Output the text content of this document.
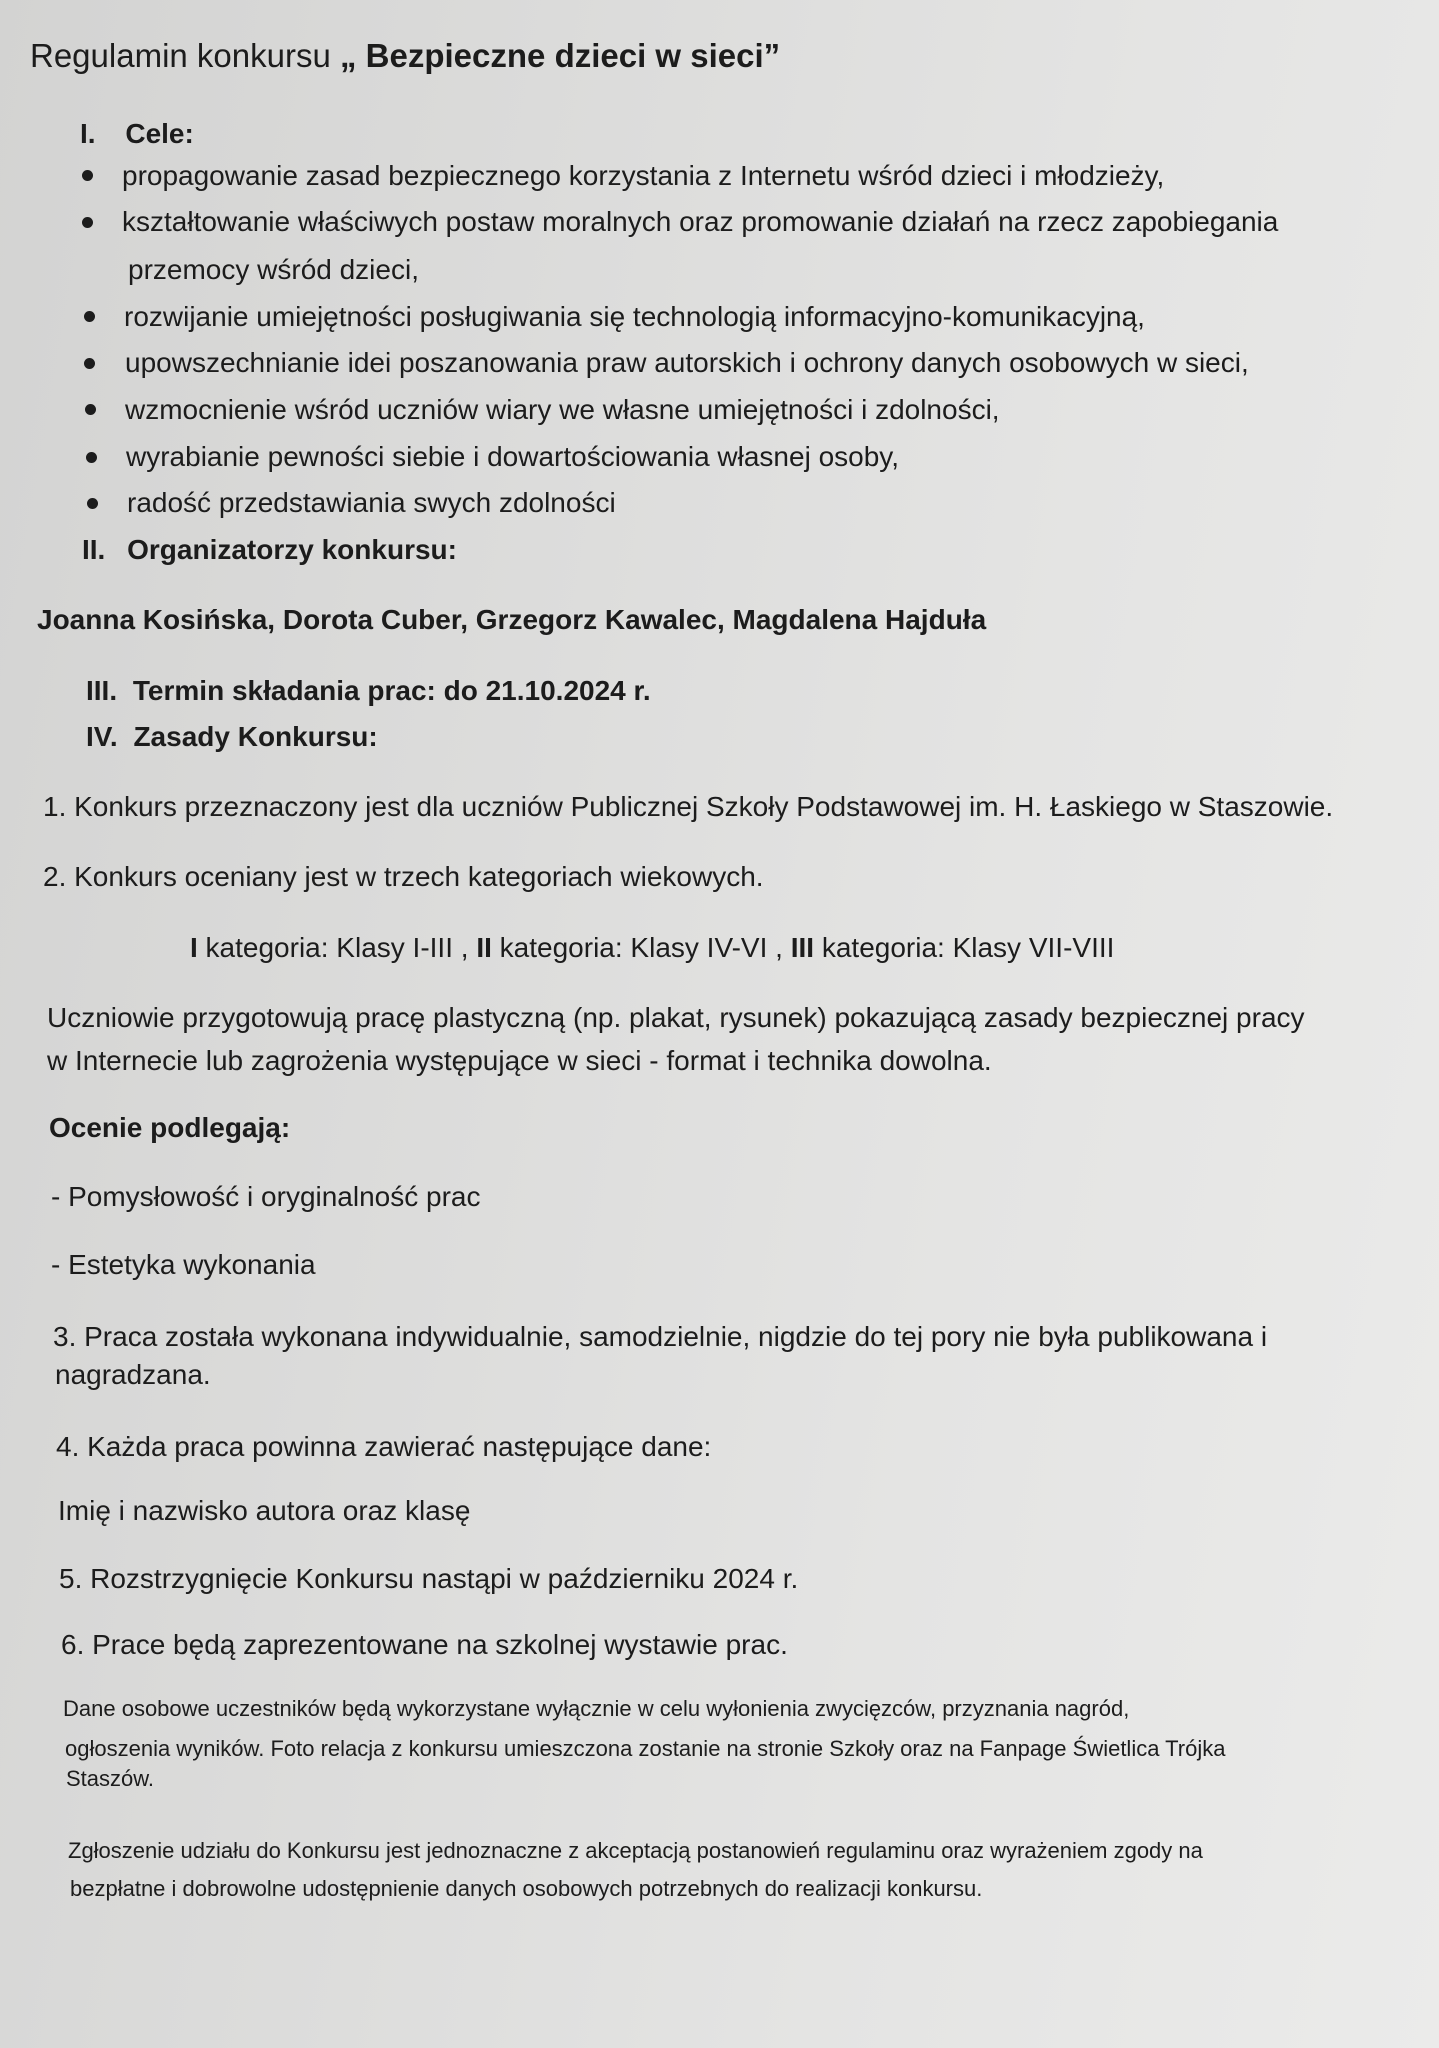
Regulamin konkursu „ Bezpieczne dzieci w sieci”
I. Cele:
propagowanie zasad bezpiecznego korzystania z Internetu wśród dzieci i młodzieży,
kształtowanie właściwych postaw moralnych oraz promowanie działań na rzecz zapobiegania
przemocy wśród dzieci,
rozwijanie umiejętności posługiwania się technologią informacyjno-komunikacyjną,
upowszechnianie idei poszanowania praw autorskich i ochrony danych osobowych w sieci,
wzmocnienie wśród uczniów wiary we własne umiejętności i zdolności,
wyrabianie pewności siebie i dowartościowania własnej osoby,
radość przedstawiania swych zdolności
II. Organizatorzy konkursu:
Joanna Kosińska, Dorota Cuber, Grzegorz Kawalec, Magdalena Hajduła
III. Termin składania prac: do 21.10.2024 r.
IV. Zasady Konkursu:
1. Konkurs przeznaczony jest dla uczniów Publicznej Szkoły Podstawowej im. H. Łaskiego w Staszowie.
2. Konkurs oceniany jest w trzech kategoriach wiekowych.
I kategoria: Klasy I-III , II kategoria: Klasy IV-VI , III kategoria: Klasy VII-VIII
Uczniowie przygotowują pracę plastyczną (np. plakat, rysunek) pokazującą zasady bezpiecznej pracy
w Internecie lub zagrożenia występujące w sieci - format i technika dowolna.
Ocenie podlegają:
- Pomysłowość i oryginalność prac
- Estetyka wykonania
3. Praca została wykonana indywidualnie, samodzielnie, nigdzie do tej pory nie była publikowana i
nagradzana.
4. Każda praca powinna zawierać następujące dane:
Imię i nazwisko autora oraz klasę
5. Rozstrzygnięcie Konkursu nastąpi w październiku 2024 r.
6. Prace będą zaprezentowane na szkolnej wystawie prac.
Dane osobowe uczestników będą wykorzystane wyłącznie w celu wyłonienia zwycięzców, przyznania nagród,
ogłoszenia wyników. Foto relacja z konkursu umieszczona zostanie na stronie Szkoły oraz na Fanpage Świetlica Trójka
Staszów.
Zgłoszenie udziału do Konkursu jest jednoznaczne z akceptacją postanowień regulaminu oraz wyrażeniem zgody na
bezpłatne i dobrowolne udostępnienie danych osobowych potrzebnych do realizacji konkursu.
